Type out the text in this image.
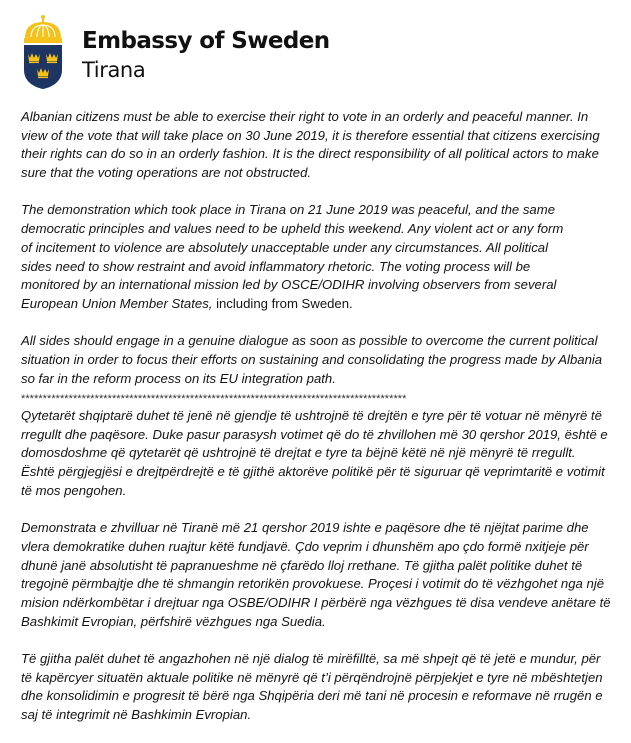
Embassy of Sweden
Tirana
Albanian citizens must be able to exercise their right to vote in an orderly and peaceful manner. In
view of the vote that will take place on 30 June 2019, it is therefore essential that citizens exercising
their rights can do so in an orderly fashion. It is the direct responsibility of all political actors to make
sure that the voting operations are not obstructed.
The demonstration which took place in Tirana on 21 June 2019 was peaceful, and the same
democratic principles and values need to be upheld this weekend. Any violent act or any form
of incitement to violence are absolutely unacceptable under any circumstances. All political
sides need to show restraint and avoid inflammatory rhetoric. The voting process will be
monitored by an international mission led by OSCE/ODIHR involving observers from several
European Union Member States, including from Sweden.
All sides should engage in a genuine dialogue as soon as possible to overcome the current political
situation in order to focus their efforts on sustaining and consolidating the progress made by Albania
so far in the reform process on its EU integration path.
*****************************************************************************************
Qytetarët shqiptarë duhet të jenë në gjendje të ushtrojnë të drejtën e tyre për të votuar në mënyrë të
rregullt dhe paqësore. Duke pasur parasysh votimet që do të zhvillohen më 30 qershor 2019, është e
domosdoshme që qytetarët që ushtrojnë të drejtat e tyre ta bëjnë këtë në një mënyrë të rregullt.
Është përgjegjësi e drejtpërdrejtë e të gjithë aktorëve politikë për të siguruar që veprimtaritë e votimit
të mos pengohen.
Demonstrata e zhvilluar në Tiranë më 21 qershor 2019 ishte e paqësore dhe të njëjtat parime dhe
vlera demokratike duhen ruajtur këtë fundjavë. Çdo veprim i dhunshëm apo çdo formë nxitjeje për
dhunë janë absolutisht të papranueshme në çfarëdo lloj rrethane. Të gjitha palët politike duhet të
tregojnë përmbajtje dhe të shmangin retorikën provokuese. Proçesi i votimit do të vëzhgohet nga një
mision ndërkombëtar i drejtuar nga OSBE/ODIHR I përbërë nga vëzhgues të disa vendeve anëtare të
Bashkimit Evropian, përfshirë vëzhgues nga Suedia.
Të gjitha palët duhet të angazhohen në një dialog të mirëfilltë, sa më shpejt që të jetë e mundur, për
të kapërcyer situatën aktuale politike në mënyrë që t’i përqëndrojnë përpjekjet e tyre në mbështetjen
dhe konsolidimin e progresit të bërë nga Shqipëria deri më tani në procesin e reformave në rrugën e
saj të integrimit në Bashkimin Evropian.
